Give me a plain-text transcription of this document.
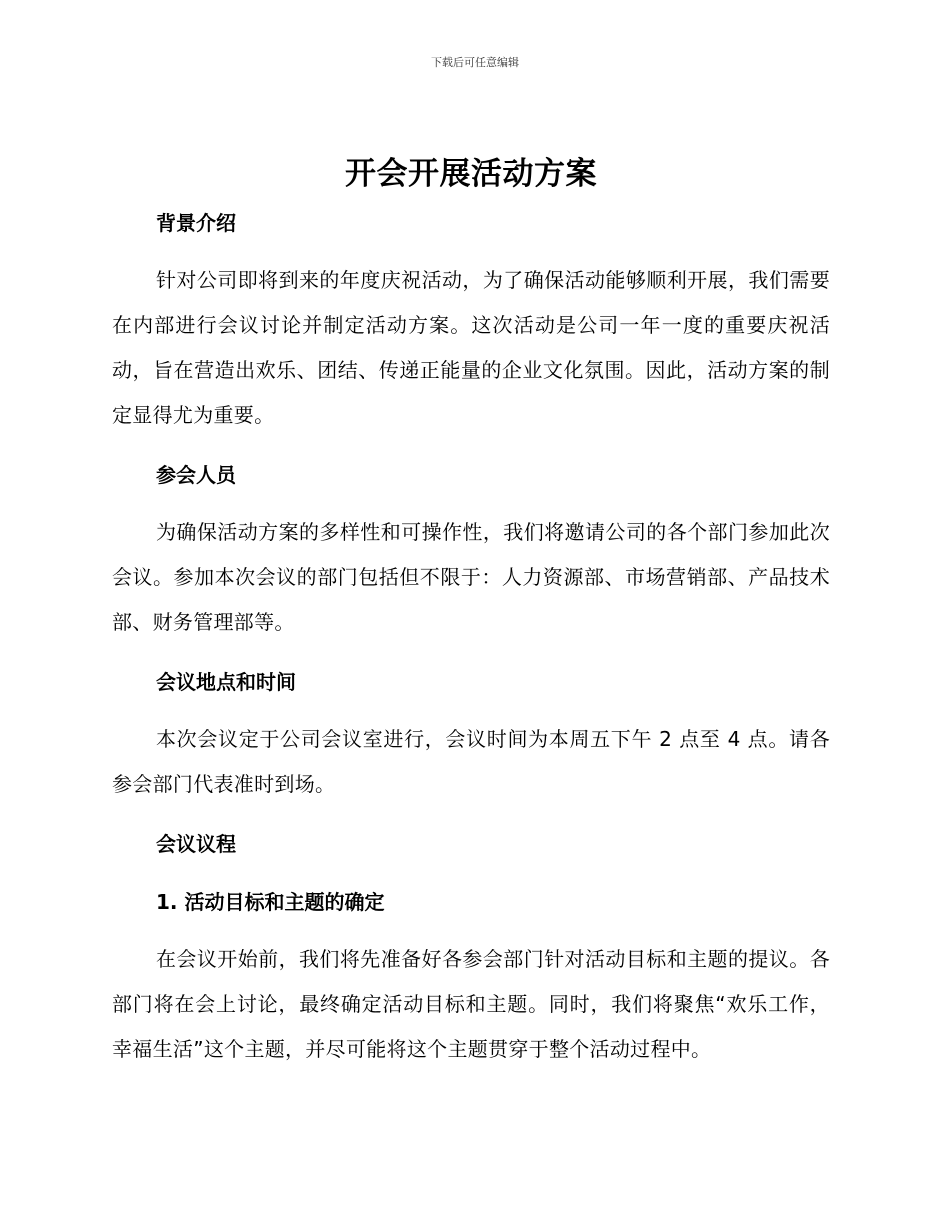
下载后可任意编辑
开会开展活动方案
背景介绍

针对公司即将到来的年度庆祝活动，为了确保活动能够顺利开展，我们需要在内部进行会议讨论并制定活动方案。这次活动是公司一年一度的重要庆祝活动，旨在营造出欢乐、团结、传递正能量的企业文化氛围。因此，活动方案的制定显得尤为重要。

参会人员

为确保活动方案的多样性和可操作性，我们将邀请公司的各个部门参加此次会议。参加本次会议的部门包括但不限于：人力资源部、市场营销部、产品技术部、财务管理部等。

会议地点和时间

本次会议定于公司会议室进行，会议时间为本周五下午 2 点至 4 点。请各参会部门代表准时到场。

会议议程
1. 活动目标和主题的确定

在会议开始前，我们将先准备好各参会部门针对活动目标和主题的提议。各部门将在会上讨论，最终确定活动目标和主题。同时，我们将聚焦“欢乐工作，幸福生活”这个主题，并尽可能将这个主题贯穿于整个活动过程中。
